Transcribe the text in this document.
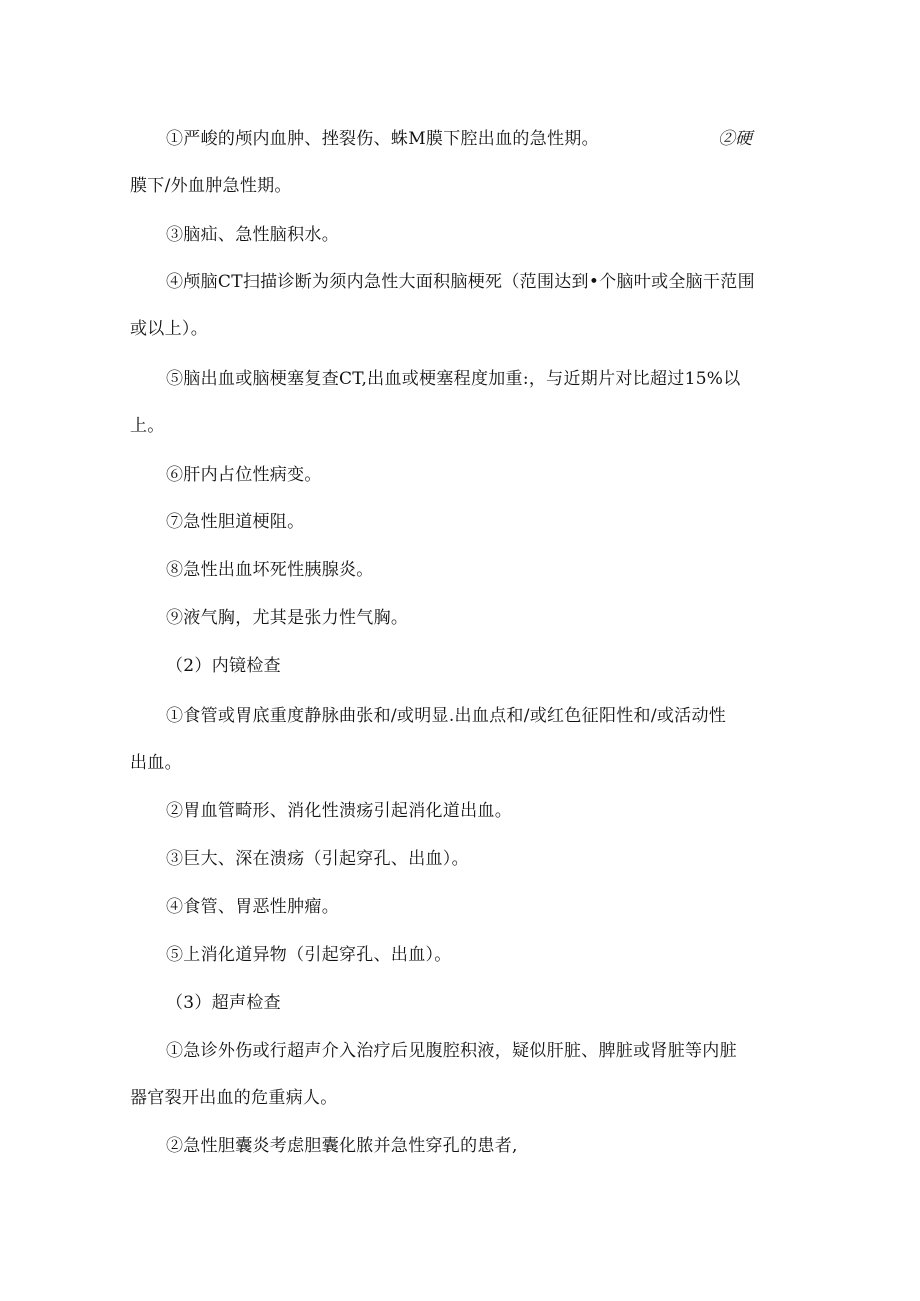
①严峻的颅内血肿、挫裂伤、蛛M膜下腔出血的急性期。	②硬
膜下/外血肿急性期。
③脑疝、急性脑积水。
④颅脑CT扫描诊断为须内急性大面积脑梗死（范围达到•个脑叶或全脑干范围
或以上）。
⑤脑出血或脑梗塞复查CT,出血或梗塞程度加重:，与近期片对比超过15%以
上。
⑥肝内占位性病变。
⑦急性胆道梗阻。
⑧急性出血坏死性胰腺炎。
⑨液气胸，尤其是张力性气胸。
（2）内镜检查
①食管或胃底重度静脉曲张和/或明显.出血点和/或红色征阳性和/或活动性
出血。
②胃血管畸形、消化性溃疡引起消化道出血。
③巨大、深在溃疡（引起穿孔、出血）。
④食管、胃恶性肿瘤。
⑤上消化道异物（引起穿孔、出血）。
（3）超声检查
①急诊外伤或行超声介入治疗后见腹腔积液，疑似肝脏、脾脏或肾脏等内脏
器官裂开出血的危重病人。
②急性胆囊炎考虑胆囊化脓并急性穿孔的患者,
